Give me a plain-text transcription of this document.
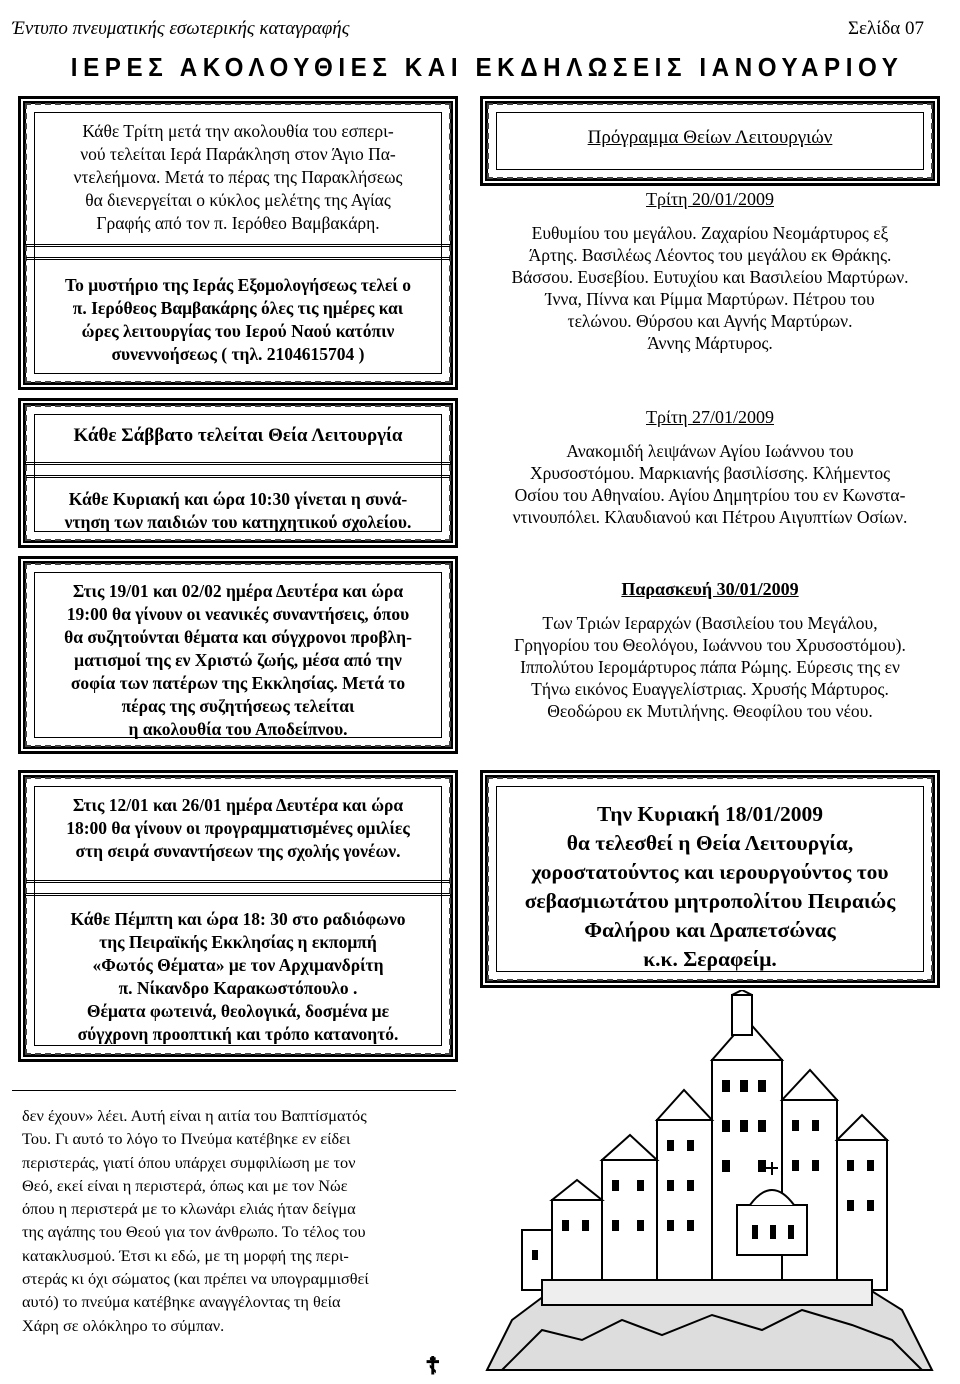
Έντυπο πνευματικής εσωτερικής καταγραφής	Σελίδα 07
ΙΕΡΕΣ ΑΚΟΛΟΥΘΙΕΣ ΚΑΙ ΕΚΔΗΛΩΣΕΙΣ ΙΑΝΟΥΑΡΙΟΥ
Κάθε Τρίτη μετά την ακολουθία του εσπερι-
νού τελείται Ιερά Παράκληση στον Άγιο Πα-
ντελεήμονα. Μετά το πέρας της Παρακλήσεως
θα διενεργείται ο κύκλος μελέτης της Αγίας
Γραφής από τον π. Ιερόθεο Βαμβακάρη.
Το μυστήριο της Ιεράς Εξομολογήσεως τελεί ο
π. Ιερόθεος Βαμβακάρης όλες τις ημέρες και
ώρες λειτουργίας του Ιερού Ναού κατόπιν
συνεννοήσεως ( τηλ. 2104615704 )
Κάθε Σάββατο τελείται Θεία Λειτουργία
Κάθε Κυριακή και ώρα 10:30 γίνεται η συνά-
ντηση των παιδιών του κατηχητικού σχολείου.
Στις 19/01 και 02/02 ημέρα Δευτέρα και ώρα
19:00 θα γίνουν οι νεανικές συναντήσεις, όπου
θα συζητούνται θέματα και σύγχρονοι προβλη-
ματισμοί της εν Χριστώ ζωής, μέσα από την
σοφία των πατέρων της Εκκλησίας. Μετά το
πέρας της συζητήσεως τελείται
η ακολουθία του Αποδείπνου.
Στις 12/01 και 26/01 ημέρα Δευτέρα και ώρα
18:00 θα γίνουν οι προγραμματισμένες ομιλίες
στη σειρά συναντήσεων της σχολής γονέων.
Κάθε Πέμπτη και ώρα 18: 30 στο ραδιόφωνο
της Πειραϊκής Εκκλησίας η εκπομπή
«Φωτός Θέματα» με τον Αρχιμανδρίτη
π. Νίκανδρο Καρακωστόπουλο .
Θέματα φωτεινά, θεολογικά, δοσμένα με
σύγχρονη προοπτική και τρόπο κατανοητό.
Πρόγραμμα Θείων Λειτουργιών
Τρίτη 20/01/2009
Ευθυμίου του μεγάλου. Ζαχαρίου Νεομάρτυρος εξ
Άρτης. Βασιλέως Λέοντος του μεγάλου εκ Θράκης.
Βάσσου. Ευσεβίου. Ευτυχίου και Βασιλείου Μαρτύρων.
Ίννα, Πίννα και Ρίμμα Μαρτύρων. Πέτρου του
τελώνου. Θύρσου και Αγνής Μαρτύρων.
Άννης Μάρτυρος.
Τρίτη 27/01/2009
Ανακομιδή λειψάνων Αγίου Ιωάννου του
Χρυσοστόμου. Μαρκιανής βασιλίσσης. Κλήμεντος
Οσίου του Αθηναίου. Αγίου Δημητρίου του εν Κωνστα-
ντινουπόλει. Κλαυδιανού και Πέτρου Αιγυπτίων Οσίων.
Παρασκευή 30/01/2009
Των Τριών Ιεραρχών (Βασιλείου του Μεγάλου,
Γρηγορίου του Θεολόγου, Ιωάννου του Χρυσοστόμου).
Ιππολύτου Ιερομάρτυρος πάπα Ρώμης. Εύρεσις της εν
Τήνω εικόνος Ευαγγελίστριας. Χρυσής Μάρτυρος.
Θεοδώρου εκ Μυτιλήνης. Θεοφίλου του νέου.
Την Κυριακή 18/01/2009
θα τελεσθεί η Θεία Λειτουργία,
χοροστατούντος και ιερουργούντος του
σεβασμιωτάτου μητροπολίτου Πειραιώς
Φαλήρου και Δραπετσώνας
κ.κ. Σεραφείμ.
δεν έχουν» λέει. Αυτή είναι η αιτία του Βαπτίσματός
Του. Γι αυτό το λόγο το Πνεύμα κατέβηκε εν είδει
περιστεράς, γιατί όπου υπάρχει συμφιλίωση με τον
Θεό, εκεί είναι η περιστερά, όπως και με τον Νώε
όπου η περιστερά με το κλωνάρι ελιάς ήταν δείγμα
της αγάπης του Θεού για τον άνθρωπο. Το τέλος του
κατακλυσμού. Έτσι κι εδώ, με τη μορφή της περι-
στεράς κι όχι σώματος (και πρέπει να υπογραμμισθεί
αυτό) το πνεύμα κατέβηκε αναγγέλοντας τη θεία
Χάρη σε ολόκληρο το σύμπαν.
☦
